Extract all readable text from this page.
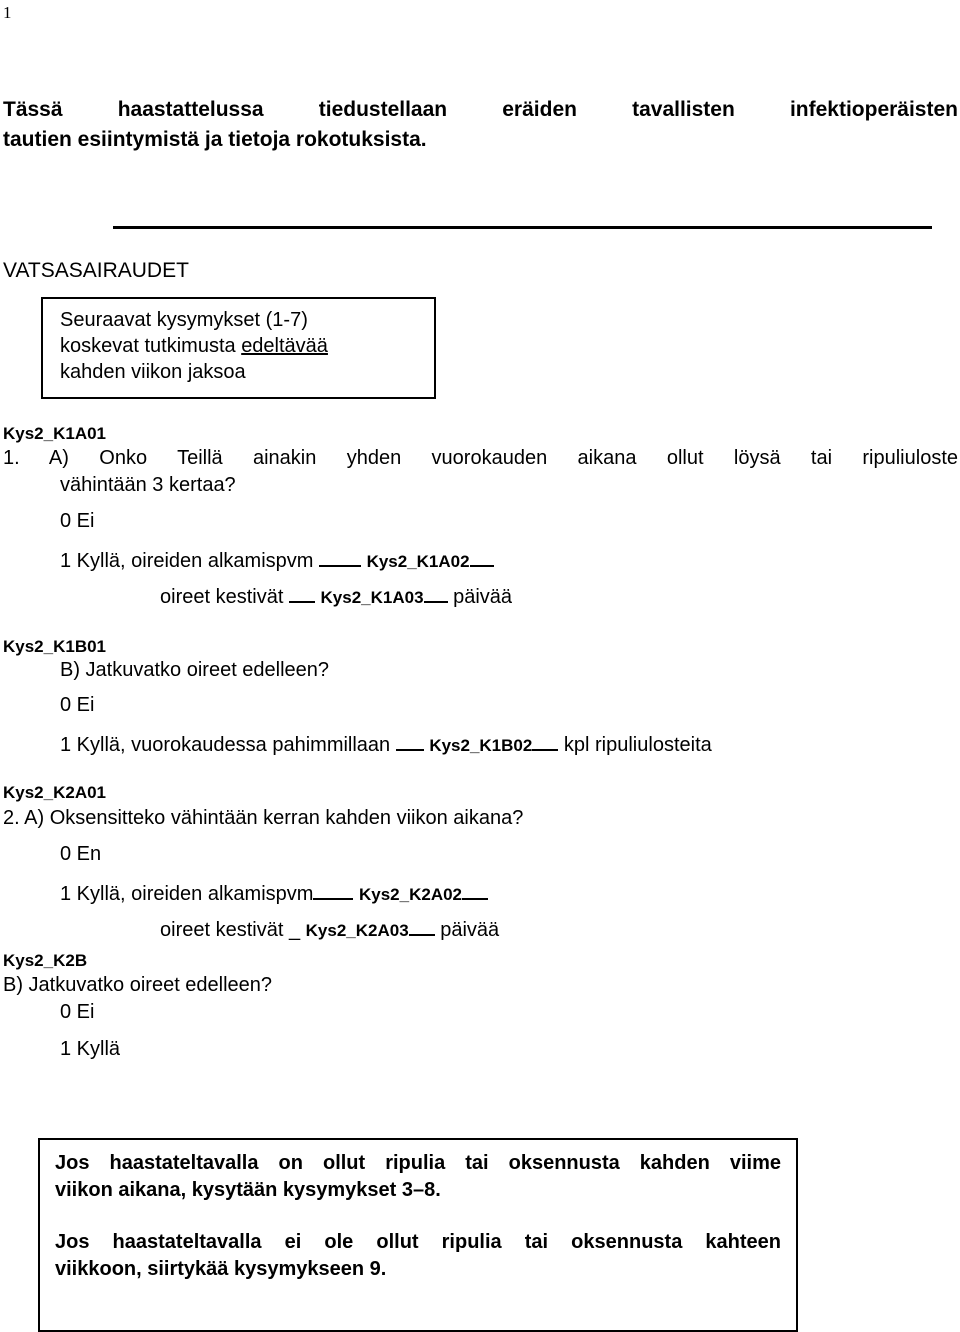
1
Tässä haastattelussa tiedustellaan eräiden tavallisten infektioperäisten
tautien esiintymistä ja tietoja rokotuksista.
VATSASAIRAUDET
Seuraavat kysymykset (1-7)
koskevat tutkimusta edeltävää
kahden viikon jaksoa
Kys2_K1A01
1. A) Onko Teillä ainakin yhden vuorokauden aikana ollut löysä tai ripuliuloste
vähintään 3 kertaa?
0 Ei
1 Kyllä, oireiden alkamispvm	Kys2_K1A02
oireet kestivät Kys2_K1A03 päivää
Kys2_K1B01
B) Jatkuvatko oireet edelleen?
0 Ei
1 Kyllä, vuorokaudessa pahimmillaan Kys2_K1B02 kpl ripuliulosteita
Kys2_K2A01
2. A) Oksensitteko vähintään kerran kahden viikon aikana?
0 En
1 Kyllä, oireiden alkamispvm	Kys2_K2A02
oireet kestivät _ Kys2_K2A03 päivää
Kys2_K2B
B) Jatkuvatko oireet edelleen?
0 Ei
1 Kyllä
Jos haastateltavalla on ollut ripulia tai oksennusta kahden viime
viikon aikana, kysytään kysymykset 3–8.
Jos haastateltavalla ei ole ollut ripulia tai oksennusta kahteen
viikkoon, siirtykää kysymykseen 9.
